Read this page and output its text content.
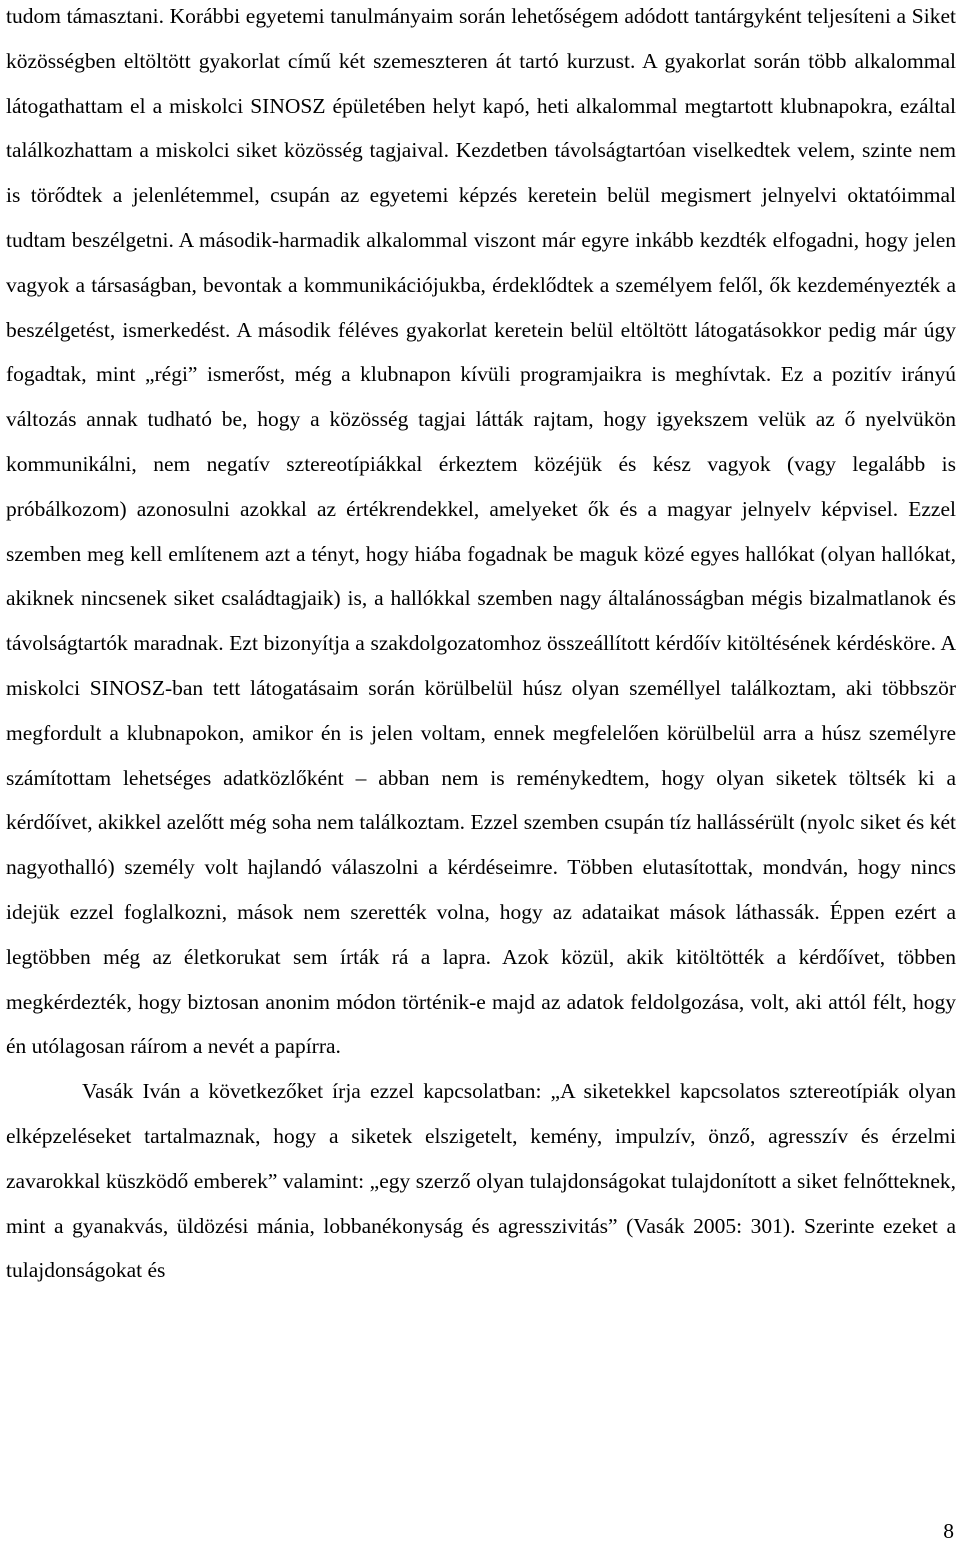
tudom támasztani. Korábbi egyetemi tanulmányaim során lehetőségem adódott tantárgyként teljesíteni a Siket közösségben eltöltött gyakorlat című két szemeszteren át tartó kurzust. A gyakorlat során több alkalommal látogathattam el a miskolci SINOSZ épületében helyt kapó, heti alkalommal megtartott klubnapokra, ezáltal találkozhattam a miskolci siket közösség tagjaival. Kezdetben távolságtartóan viselkedtek velem, szinte nem is törődtek a jelenlétemmel, csupán az egyetemi képzés keretein belül megismert jelnyelvi oktatóimmal tudtam beszélgetni. A második-harmadik alkalommal viszont már egyre inkább kezdték elfogadni, hogy jelen vagyok a társaságban, bevontak a kommunikációjukba, érdeklődtek a személyem felől, ők kezdeményezték a beszélgetést, ismerkedést. A második féléves gyakorlat keretein belül eltöltött látogatásokkor pedig már úgy fogadtak, mint „régi” ismerőst, még a klubnapon kívüli programjaikra is meghívtak. Ez a pozitív irányú változás annak tudható be, hogy a közösség tagjai látták rajtam, hogy igyekszem velük az ő nyelvükön kommunikálni, nem negatív sztereotípiákkal érkeztem közéjük és kész vagyok (vagy legalább is próbálkozom) azonosulni azokkal az értékrendekkel, amelyeket ők és a magyar jelnyelv képvisel. Ezzel szemben meg kell említenem azt a tényt, hogy hiába fogadnak be maguk közé egyes hallókat (olyan hallókat, akiknek nincsenek siket családtagjaik) is, a hallókkal szemben nagy általánosságban mégis bizalmatlanok és távolságtartók maradnak. Ezt bizonyítja a szakdolgozatomhoz összeállított kérdőív kitöltésének kérdésköre. A miskolci SINOSZ-ban tett látogatásaim során körülbelül húsz olyan személlyel találkoztam, aki többször megfordult a klubnapokon, amikor én is jelen voltam, ennek megfelelően körülbelül arra a húsz személyre számítottam lehetséges adatközlőként – abban nem is reménykedtem, hogy olyan siketek töltsék ki a kérdőívet, akikkel azelőtt még soha nem találkoztam. Ezzel szemben csupán tíz hallássérült (nyolc siket és két nagyothalló) személy volt hajlandó válaszolni a kérdéseimre. Többen elutasítottak, mondván, hogy nincs idejük ezzel foglalkozni, mások nem szerették volna, hogy az adataikat mások láthassák. Éppen ezért a legtöbben még az életkorukat sem írták rá a lapra. Azok közül, akik kitöltötték a kérdőívet, többen megkérdezték, hogy biztosan anonim módon történik-e majd az adatok feldolgozása, volt, aki attól félt, hogy én utólagosan ráírom a nevét a papírra.

Vasák Iván a következőket írja ezzel kapcsolatban: „A siketekkel kapcsolatos sztereotípiák olyan elképzeléseket tartalmaznak, hogy a siketek elszigetelt, kemény, impulzív, önző, agresszív és érzelmi zavarokkal küszködő emberek” valamint: „egy szerző olyan tulajdonságokat tulajdonított a siket felnőtteknek, mint a gyanakvás, üldözési mánia, lobbanékonyság és agresszivitás” (Vasák 2005: 301). Szerinte ezeket a tulajdonságokat és

8
